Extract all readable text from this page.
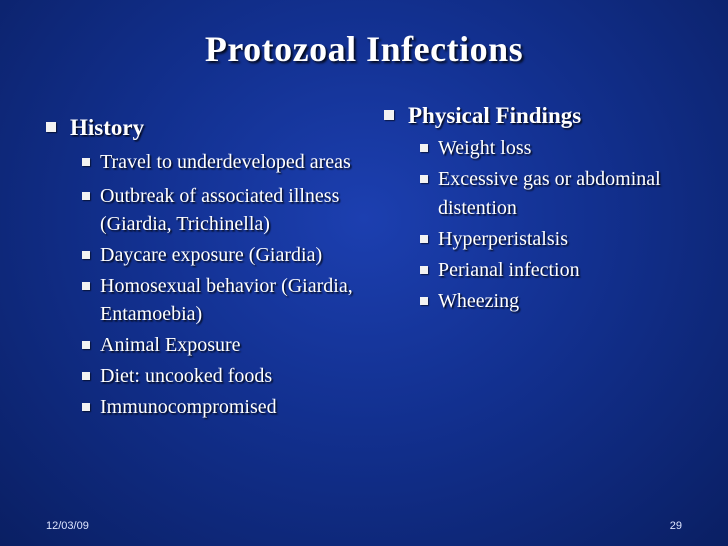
Protozoal Infections
History
Travel to underdeveloped areas
Outbreak of associated illness (Giardia, Trichinella)
Daycare exposure (Giardia)
Homosexual behavior (Giardia, Entamoebia)
Animal Exposure
Diet: uncooked foods
Immunocompromised
Physical Findings
Weight loss
Excessive gas or abdominal distention
Hyperperistalsis
Perianal infection
Wheezing
12/03/09	29
